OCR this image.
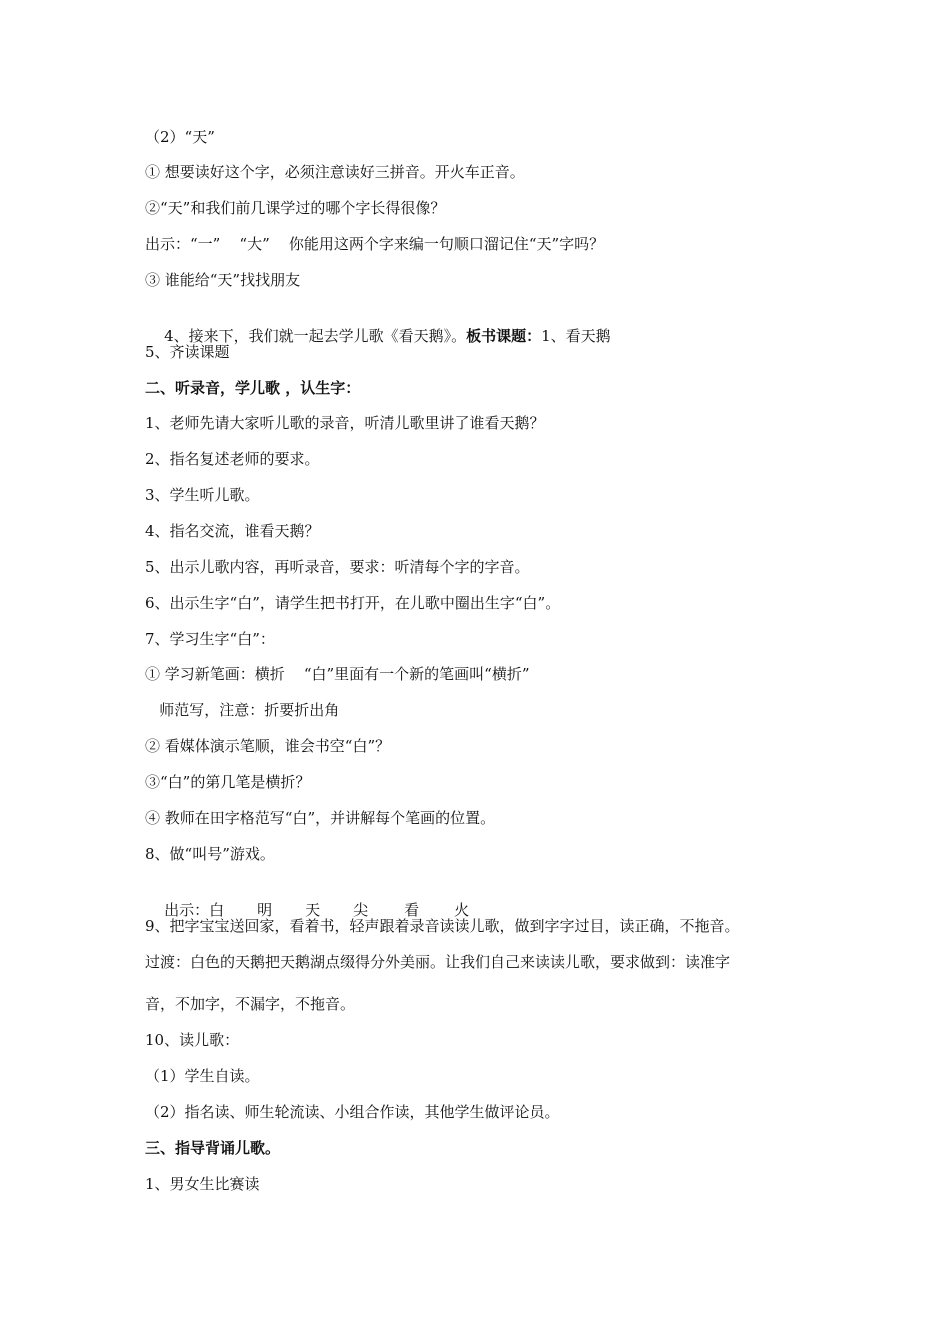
（2）“天”
① 想要读好这个字，必须注意读好三拼音。开火车正音。
②“天”和我们前几课学过的哪个字长得很像？
出示：“一”    “大”    你能用这两个字来编一句顺口溜记住“天”字吗？
③ 谁能给“天”找找朋友

4、接来下，我们就一起去学儿歌《看天鹅》。板书课题：1、看天鹅

5、齐读课题
二、听录音，学儿歌 ，认生字：
1、老师先请大家听儿歌的录音，听清儿歌里讲了谁看天鹅？
2、指名复述老师的要求。
3、学生听儿歌。
4、指名交流，谁看天鹅？
5、出示儿歌内容，再听录音，要求：听清每个字的字音。
6、出示生字“白”，请学生把书打开，在儿歌中圈出生字“白”。
7、学习生字“白”：
① 学习新笔画：横折    “白”里面有一个新的笔画叫“横折”
师范写，注意：折要折出角
② 看媒体演示笔顺，谁会书空“白”？
③“白”的第几笔是横折？
④ 教师在田字格范写“白”，并讲解每个笔画的位置。
8、做“叫号”游戏。

出示：白 明 天 尖 看 火

9、把字宝宝送回家，看着书，轻声跟着录音读读儿歌，做到字字过目，读正确，不拖音。
过渡：白色的天鹅把天鹅湖点缀得分外美丽。让我们自己来读读儿歌，要求做到：读准字
音，不加字，不漏字，不拖音。
10、读儿歌：
（1）学生自读。
（2）指名读、师生轮流读、小组合作读，其他学生做评论员。
三、指导背诵儿歌。
1、男女生比赛读
